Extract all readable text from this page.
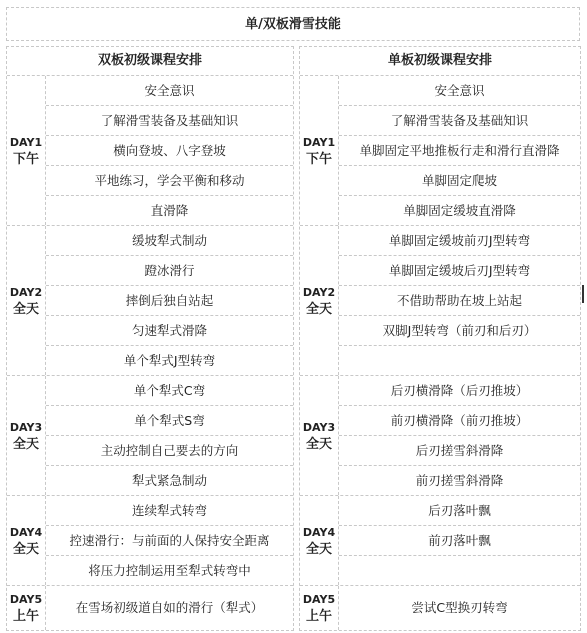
单/双板滑雪技能
双板初级课程安排
DAY1
下午
安全意识
了解滑雪装备及基础知识
横向登坡、八字登坡
平地练习，学会平衡和移动
直滑降
DAY2
全天
缓坡犁式制动
蹬冰滑行
摔倒后独自站起
匀速犁式滑降
单个犁式J型转弯
DAY3
全天
单个犁式C弯
单个犁式S弯
主动控制自己要去的方向
犁式紧急制动
DAY4
全天
连续犁式转弯
控速滑行：与前面的人保持安全距离
将压力控制运用至犁式转弯中
DAY5
上午
在雪场初级道自如的滑行（犁式）
单板初级课程安排
DAY1
下午
安全意识
了解滑雪装备及基础知识
单脚固定平地推板行走和滑行直滑降
单脚固定爬坡
单脚固定缓坡直滑降
DAY2
全天
单脚固定缓坡前刃J型转弯
单脚固定缓坡后刃J型转弯
不借助帮助在坡上站起
双脚J型转弯（前刃和后刃）
DAY3
全天
后刃横滑降（后刃推坡）
前刃横滑降（前刃推坡）
后刃搓雪斜滑降
前刃搓雪斜滑降
DAY4
全天
后刃落叶飘
前刃落叶飘
DAY5
上午
尝试C型换刃转弯
